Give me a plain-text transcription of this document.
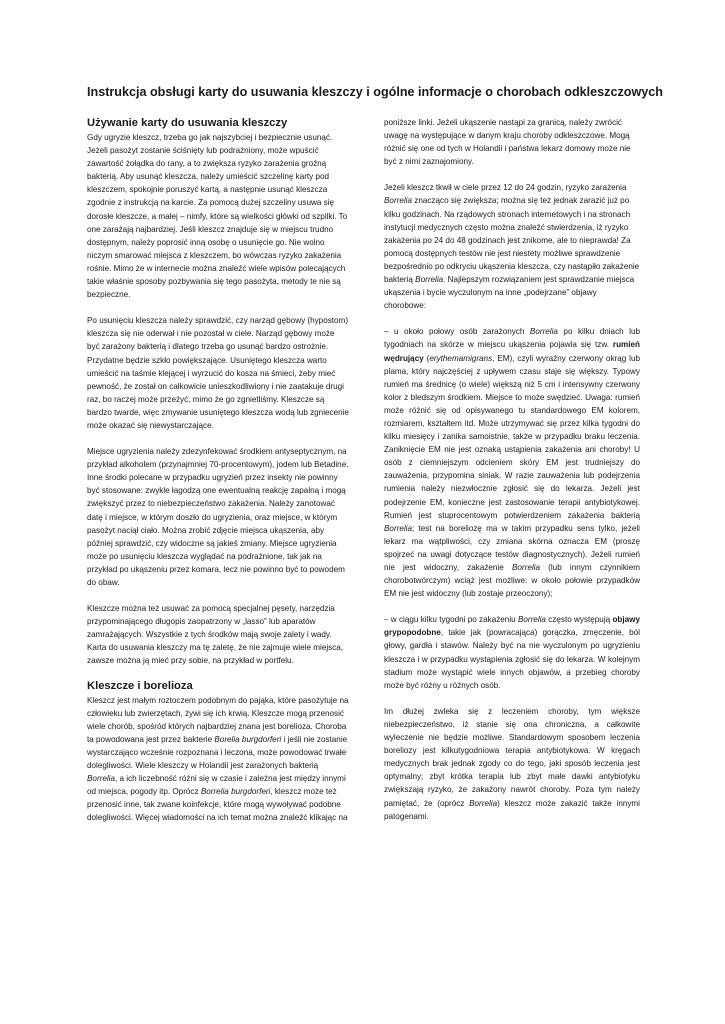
Instrukcja obsługi karty do usuwania kleszczy i ogólne informacje o chorobach odkleszczowych
Używanie karty do usuwania kleszczy

Gdy ugryzie kleszcz, trzeba go jak najszybciej i bezpiecznie usunąć. Jeżeli pasożyt zostanie ściśnięty lub podrażniony, może wpuścić zawartość żołądka do rany, a to zwiększa ryzyko zarażenia groźną bakterią. Aby usunąć kleszcza, należy umieścić szczelinę karty pod kleszczem, spokojnie poruszyć kartą, a następnie usunąć kleszcza zgodnie z instrukcją na karcie. Za pomocą dużej szczeliny usuwa się dorosłe kleszcze, a małej – nimfy, które są wielkości główki od szpilki. To one zarażają najbardziej. Jeśli kleszcz znajduje się w miejscu trudno dostępnym, należy poprosić inną osobę o usunięcie go. Nie wolno niczym smarować miejsca z kleszczem, bo wówczas ryzyko zakażenia rośnie. Mimo że w internecie można znaleźć wiele wpisów polecających takie właśnie sposoby pozbywania się tego pasożyta, metody te nie są bezpieczne.

Po usunięciu kleszcza należy sprawdzić, czy narząd gębowy (hypostom) kleszcza się nie oderwał i nie pozostał w ciele. Narząd gębowy może być zarażony bakterią i dlatego trzeba go usunąć bardzo ostrożnie. Przydatne będzie szkło powiększające. Usuniętego kleszcza warto umieścić na taśmie klejącej i wyrzucić do kosza na śmieci, żeby mieć pewność, że został on całkowicie unieszkodliwiony i nie zaatakuje drugi raz, bo raczej może przeżyć, mimo że go zgnietliśmy. Kleszcze są bardzo twarde, więc zmywanie usuniętego kleszcza wodą lub zgniecenie może okazać się niewystarczające.

Miejsce ugryzienia należy zdezynfekować środkiem antyseptycznym, na przykład alkoholem (przynajmniej 70-procentowym), jodem lub Betadine. Inne środki polecane w przypadku ugryzień przez insekty nie powinny być stosowane: zwykle łagodzą one ewentualną reakcję zapalną i mogą zwiększyć przez to niebezpieczeństwo zakażenia. Należy zanotować datę i miejsce, w którym doszło do ugryzienia, oraz miejsce, w którym pasożyt naciął ciało. Można zrobić zdjęcie miejsca ukąszenia, aby później sprawdzić, czy widoczne są jakieś zmiany. Miejsce ugryzienia może po usunięciu kleszcza wyglądać na podrażnione, tak jak na przykład po ukąszeniu przez komara, lecz nie powinno być to powodem do obaw.

Kleszcze można też usuwać za pomocą specjalnej pęsety, narzędzia przypominającego długopis zaopatrzony w „lasso” lub aparatów zamrażających. Wszystkie z tych środków mają swoje zalety i wady. Karta do usuwania kleszczy ma tę zaletę, że nie zajmuje wiele miejsca, zawsze można ją mieć przy sobie, na przykład w portfelu.

Kleszcze i borelioza

Kleszcz jest małym roztoczem podobnym do pająka, które pasożytuje na człowieku lub zwierzętach, żywi się ich krwią. Kleszcze mogą przenosić wiele chorób, spośród których najbardziej znana jest borelioza. Choroba ta powodowana jest przez bakterie Borelia burgdorferi i jeśli nie zostanie wystarczająco wcześnie rozpoznana i leczona, może powodować trwałe dolegliwości. Wiele kleszczy w Holandii jest zarażonych bakterią Borrelia, a ich liczebność różni się w czasie i zależna jest między innymi od miejsca, pogody itp. Oprócz Borrelia burgdorferi, kleszcz może też przenosić inne, tak zwane koinfekcje, które mogą wywoływać podobne dolegliwości. Więcej wiadomości na ich temat można znaleźć klikając na

poniższe linki. Jeżeli ukąszenie nastąpi za granicą, należy zwrócić uwagę na występujące w danym kraju choroby odkleszczowe. Mogą różnić się one od tych w Holandii i państwa lekarz domowy może nie być z nimi zaznajomiony.

Jeżeli kleszcz tkwił w ciele przez 12 do 24 godzin, ryzyko zarażenia Borrelia znacząco się zwiększa; można się też jednak zarazić już po kilku godzinach. Na rządowych stronach internetowych i na stronach instytucji medycznych często można znaleźć stwierdzenia, iż ryzyko zakażenia po 24 do 48 godzinach jest znikome, ale to nieprawda! Za pomocą dostępnych testów nie jest niestety możliwe sprawdzenie bezpośrednio po odkryciu ukąszenia kleszcza, czy nastąpiło zakażenie bakterią Borrelia. Najlepszym rozwiązaniem jest sprawdzanie miejsca ukąszenia i bycie wyczulonym na inne „podejrzane” objawy chorobowe:

– u około połowy osób zarażonych Borrelia po kilku dniach lub tygodniach na skórze w miejscu ukąszenia pojawia się tzw. rumień wędrujący (erythemamigrans, EM), czyli wyraźny czerwony okrąg lub plama, który najczęściej z upływem czasu staje się większy. Typowy rumień ma średnicę (o wiele) większą niż 5 cm i intensywny czerwony kolor z bledszym środkiem. Miejsce to może swędzieć. Uwaga: rumień może różnić się od opisywanego tu standardowego EM kolorem, rozmiarem, kształtem itd. Może utrzymywać się przez kilka tygodni do kilku miesięcy i zanika samoistnie, także w przypadku braku leczenia. Zaniknięcie EM nie jest oznaką ustąpienia zakażenia ani choroby! U osób z ciemniejszym odcieniem skóry EM jest trudniejszy do zauważenia, przypomina siniak. W razie zauważenia lub podejrzenia rumienia należy niezwłocznie zgłosić się do lekarza. Jeżeli jest podejrzenie EM, konieczne jest zastosowanie terapii antybiotykowej. Rumień jest stuprocentowym potwierdzeniem zakażenia bakterią Borrelia; test na boreliozę ma w takim przypadku sens tylko, jeżeli lekarz ma wątpliwości, czy zmiana skórna oznacza EM (proszę spojrzeć na uwagi dotyczące testów diagnostycznych). Jeżeli rumień nie jest widoczny, zakażenie Borrelia (lub innym czynnikiem chorobotwórczym) wciąż jest możliwe: w około połowie przypadków EM nie jest widoczny (lub zostaje przeoczony);

– w ciągu kilku tygodni po zakażeniu Borrelia często występują objawy grypopodobne, takie jak (powracająca) gorączka, zmęczenie, ból głowy, gardła i stawów. Należy być na nie wyczulonym po ugryzieniu kleszcza i w przypadku wystąpienia zgłosić się do lekarza. W kolejnym stadium może wystąpić wiele innych objawów, a przebieg choroby może być różny u różnych osób.

Im dłużej zwleka się z leczeniem choroby, tym większe niebezpieczeństwo, iż stanie się ona chroniczna, a całkowite wyleczenie nie będzie możliwe. Standardowym sposobem leczenia boreliozy jest kilkutygodniowa terapia antybiotykowa. W kręgach medycznych brak jednak zgody co do tego, jaki sposób leczenia jest optymalny; zbyt krótka terapia lub zbyt małe dawki antybiotyku zwiększają ryzyko, że zakażony nawrót choroby. Poza tym należy pamiętać, że (oprócz Borrelia) kleszcz może zakazić także innymi patogenami.
